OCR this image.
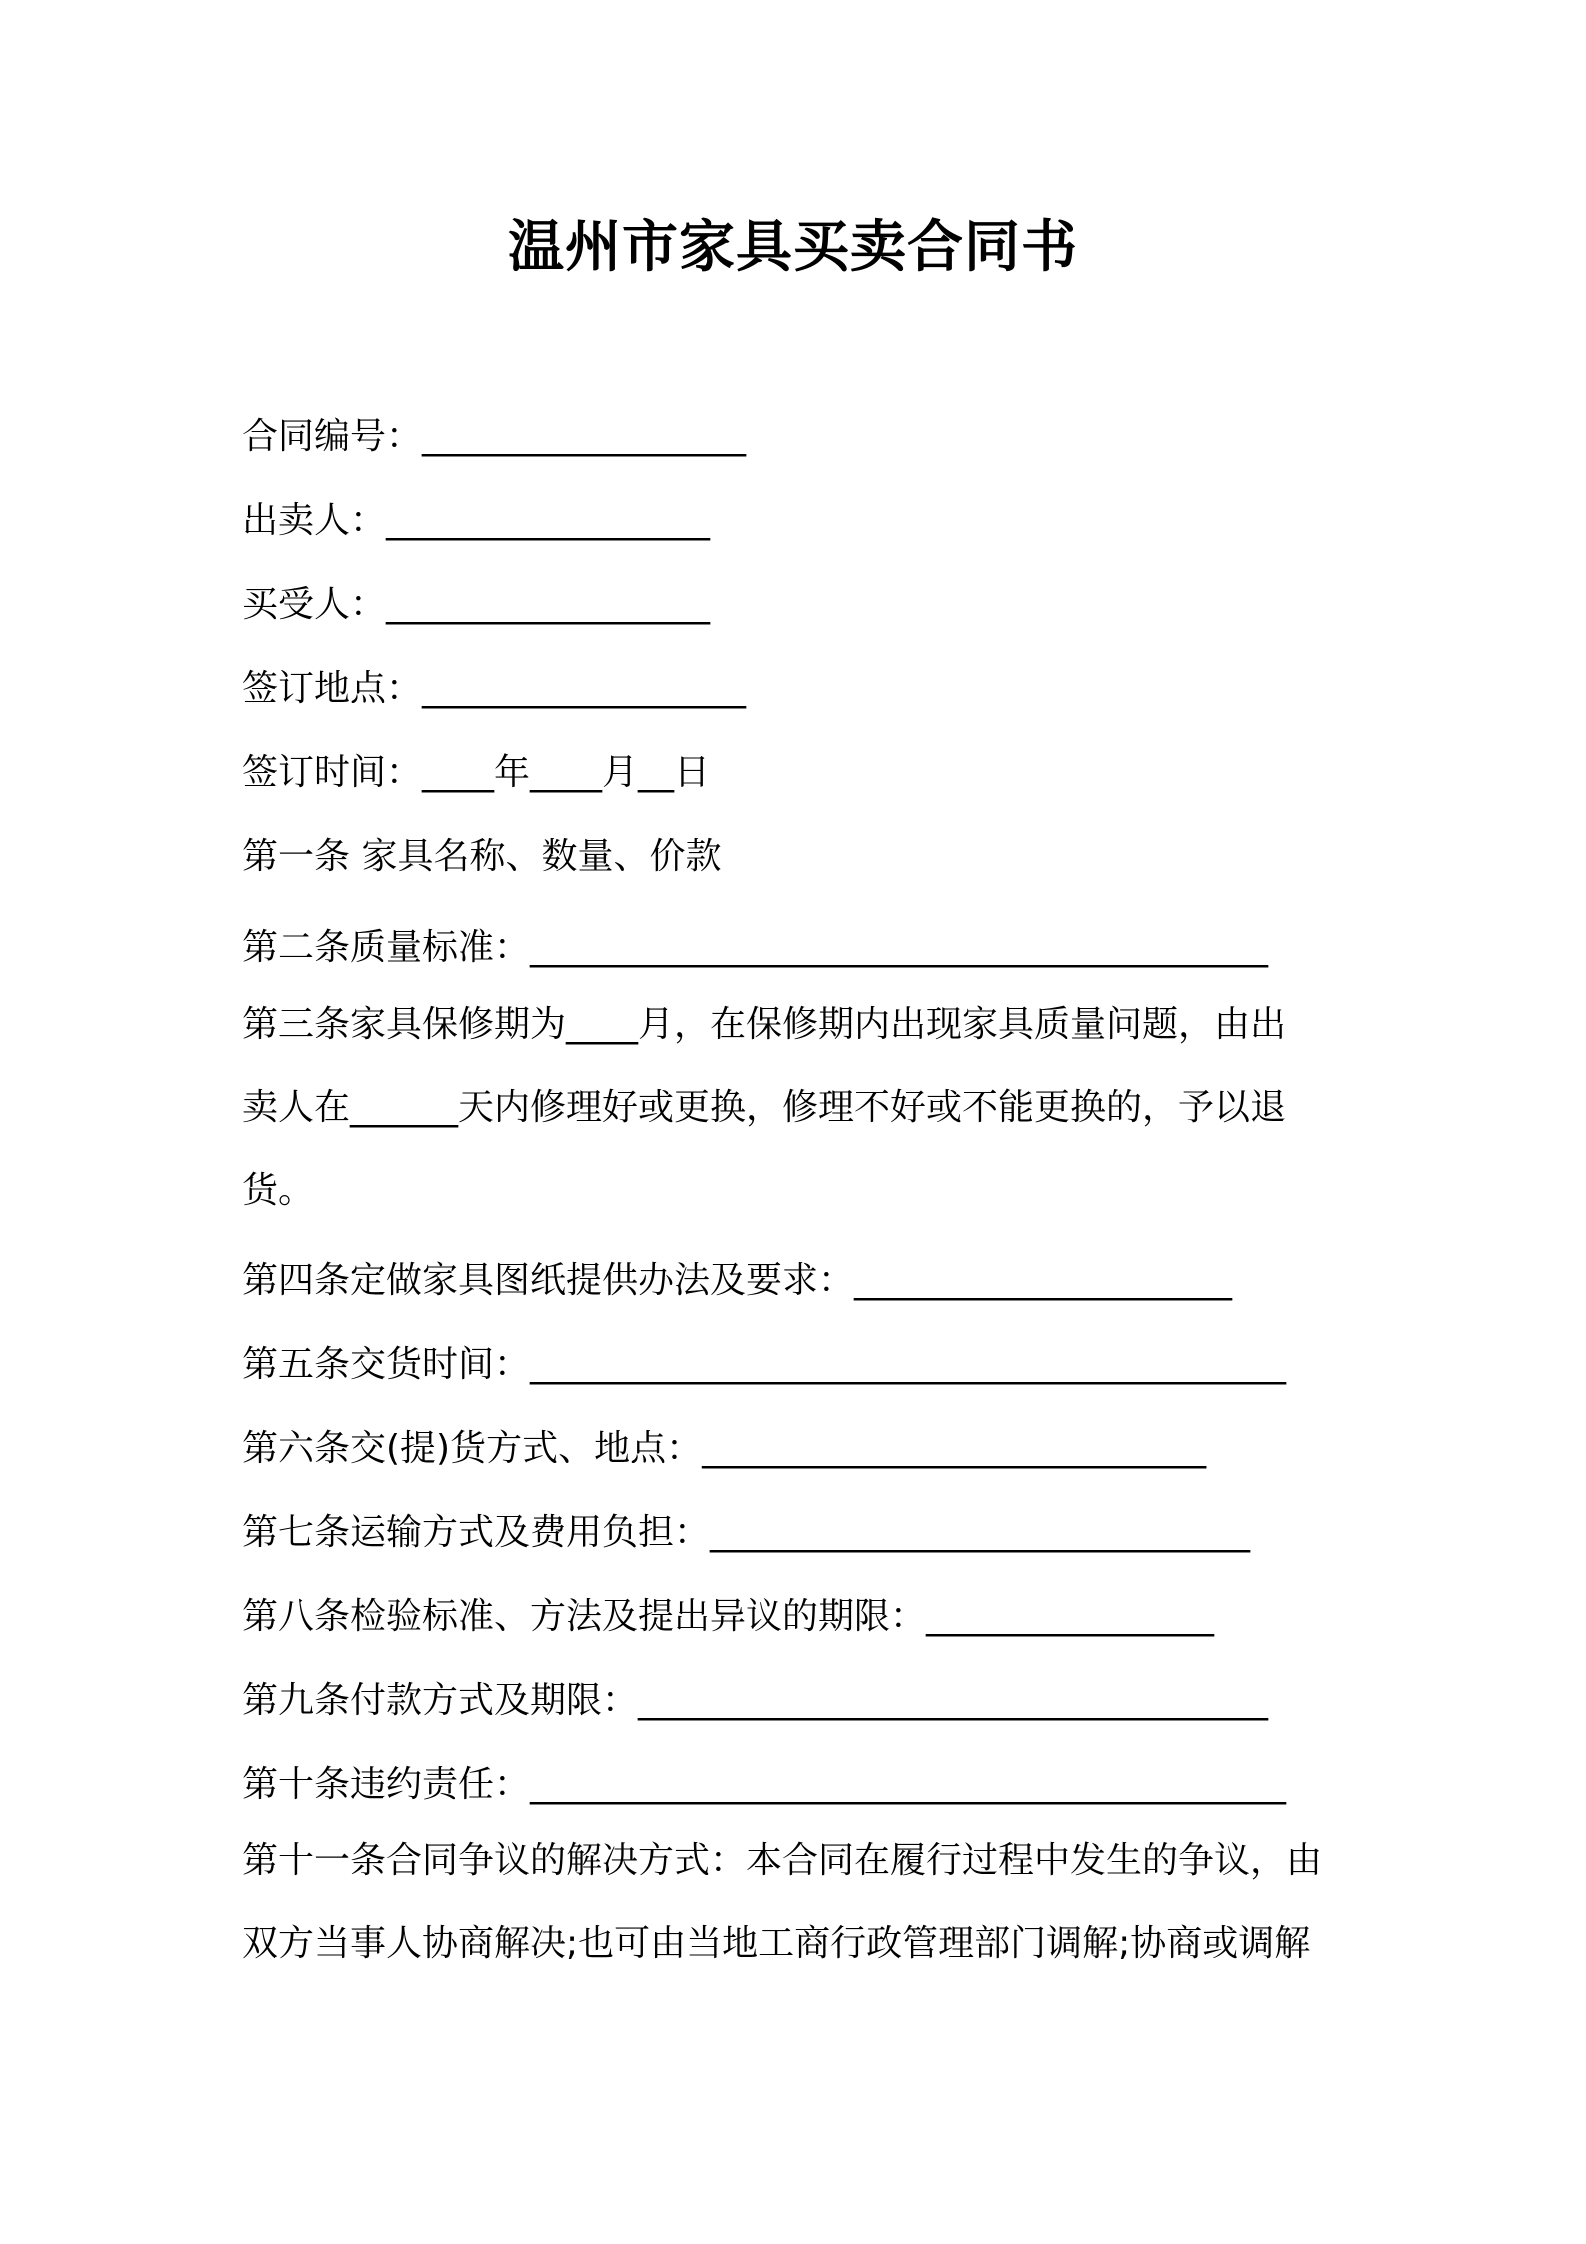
温州市家具买卖合同书
合同编号：__________________
出卖人：__________________
买受人：__________________
签订地点：__________________
签订时间：____年____月__日
第一条 家具名称、数量、价款
第二条质量标准：_________________________________________
第三条家具保修期为____月，在保修期内出现家具质量问题，由出
卖人在______天内修理好或更换，修理不好或不能更换的，予以退
货。
第四条定做家具图纸提供办法及要求：_____________________
第五条交货时间：__________________________________________
第六条交(提)货方式、地点：____________________________
第七条运输方式及费用负担：______________________________
第八条检验标准、方法及提出异议的期限：________________
第九条付款方式及期限：___________________________________
第十条违约责任：__________________________________________
第十一条合同争议的解决方式：本合同在履行过程中发生的争议，由
双方当事人协商解决;也可由当地工商行政管理部门调解;协商或调解
